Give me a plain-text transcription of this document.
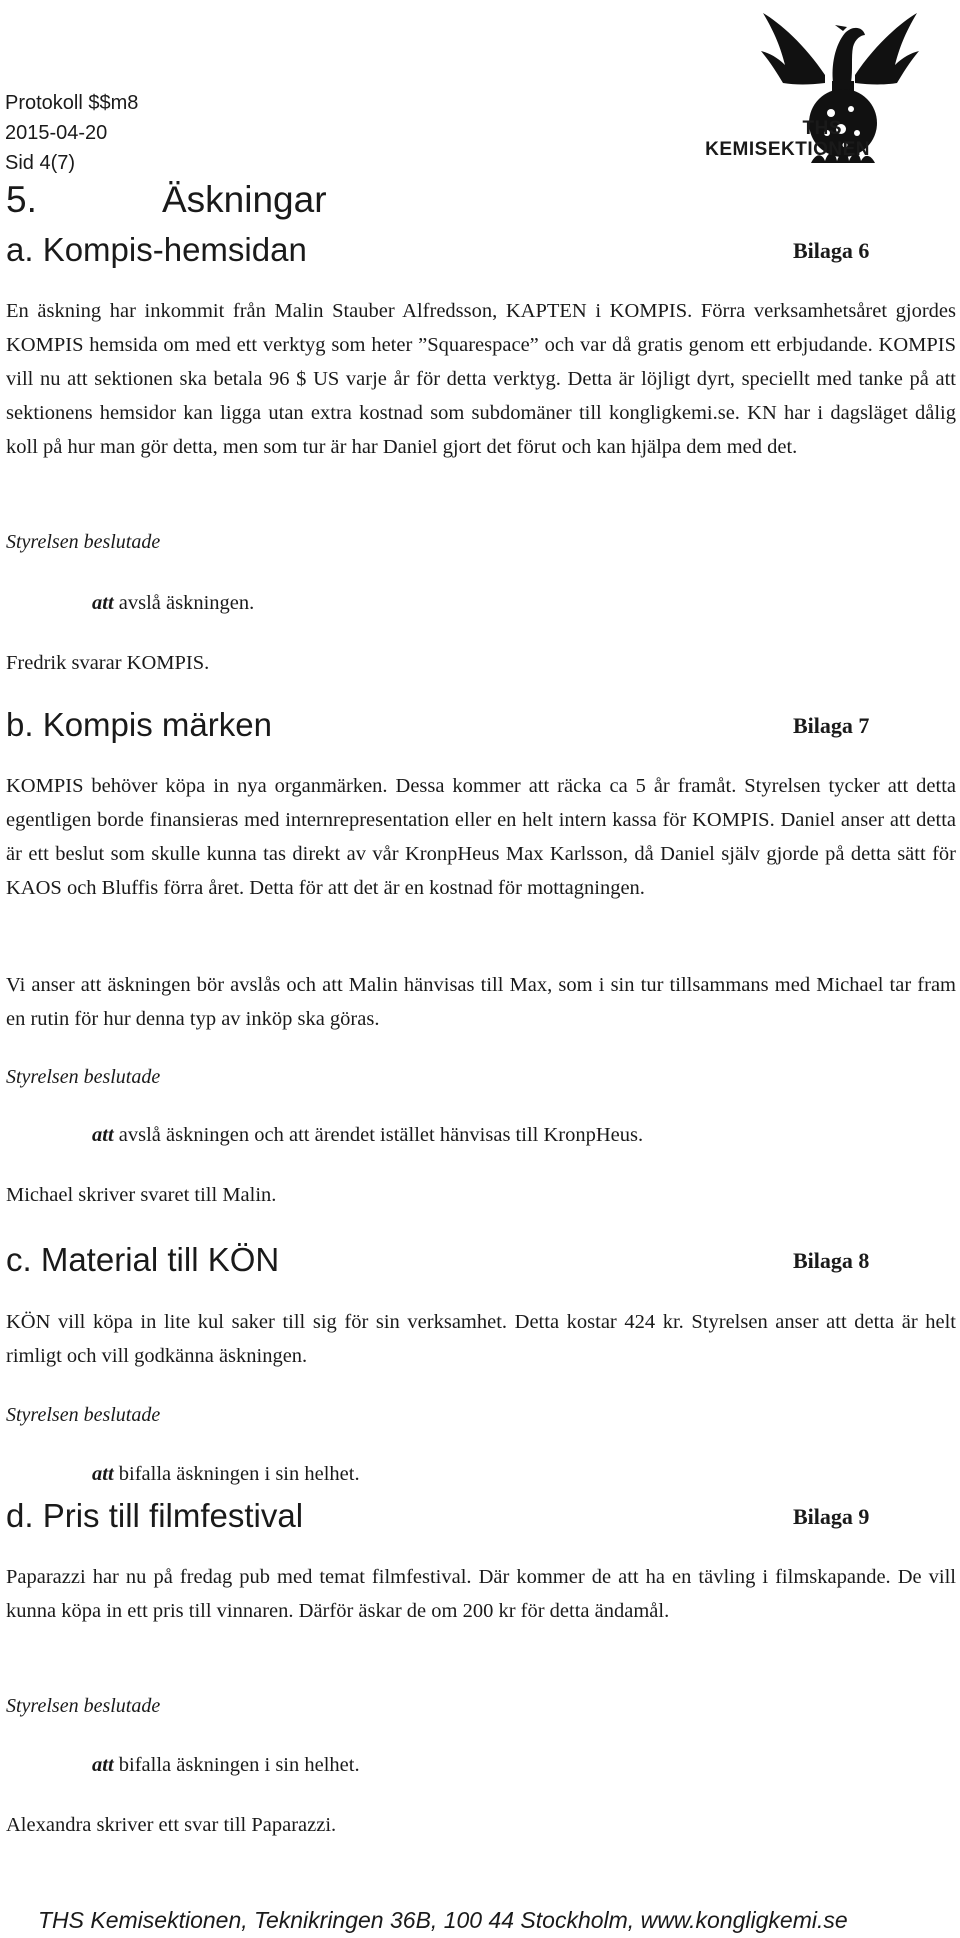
Protokoll $$m8
2015-04-20
Sid 4(7)
THS
KEMISEKTIONEN
5.	Äskningar
a. Kompis-hemsidan	Bilaga 6
En äskning har inkommit från Malin Stauber Alfredsson, KAPTEN i KOMPIS. Förra verksamhetsåret gjordes KOMPIS hemsida om med ett verktyg som heter ”Squarespace” och var då gratis genom ett erbjudande. KOMPIS vill nu att sektionen ska betala 96 $ US varje år för detta verktyg. Detta är löjligt dyrt, speciellt med tanke på att sektionens hemsidor kan ligga utan extra kostnad som subdomäner till kongligkemi.se. KN har i dagsläget dålig koll på hur man gör detta, men som tur är har Daniel gjort det förut och kan hjälpa dem med det.
Styrelsen beslutade
att avslå äskningen.
Fredrik svarar KOMPIS.
b. Kompis märken	Bilaga 7
KOMPIS behöver köpa in nya organmärken. Dessa kommer att räcka ca 5 år framåt. Styrelsen tycker att detta egentligen borde finansieras med internrepresentation eller en helt intern kassa för KOMPIS. Daniel anser att detta är ett beslut som skulle kunna tas direkt av vår KronpHeus Max Karlsson, då Daniel själv gjorde på detta sätt för KAOS och Bluffis förra året. Detta för att det är en kostnad för mottagningen.
Vi anser att äskningen bör avslås och att Malin hänvisas till Max, som i sin tur tillsammans med Michael tar fram en rutin för hur denna typ av inköp ska göras.
Styrelsen beslutade
att avslå äskningen och att ärendet istället hänvisas till KronpHeus.
Michael skriver svaret till Malin.
c. Material till KÖN	Bilaga 8
KÖN vill köpa in lite kul saker till sig för sin verksamhet. Detta kostar 424 kr. Styrelsen anser att detta är helt rimligt och vill godkänna äskningen.
Styrelsen beslutade
att bifalla äskningen i sin helhet.
d. Pris till filmfestival	Bilaga 9
Paparazzi har nu på fredag pub med temat filmfestival. Där kommer de att ha en tävling i filmskapande. De vill kunna köpa in ett pris till vinnaren. Därför äskar de om 200 kr för detta ändamål.
Styrelsen beslutade
att bifalla äskningen i sin helhet.
Alexandra skriver ett svar till Paparazzi.
THS Kemisektionen, Teknikringen 36B, 100 44 Stockholm, www.kongligkemi.se
